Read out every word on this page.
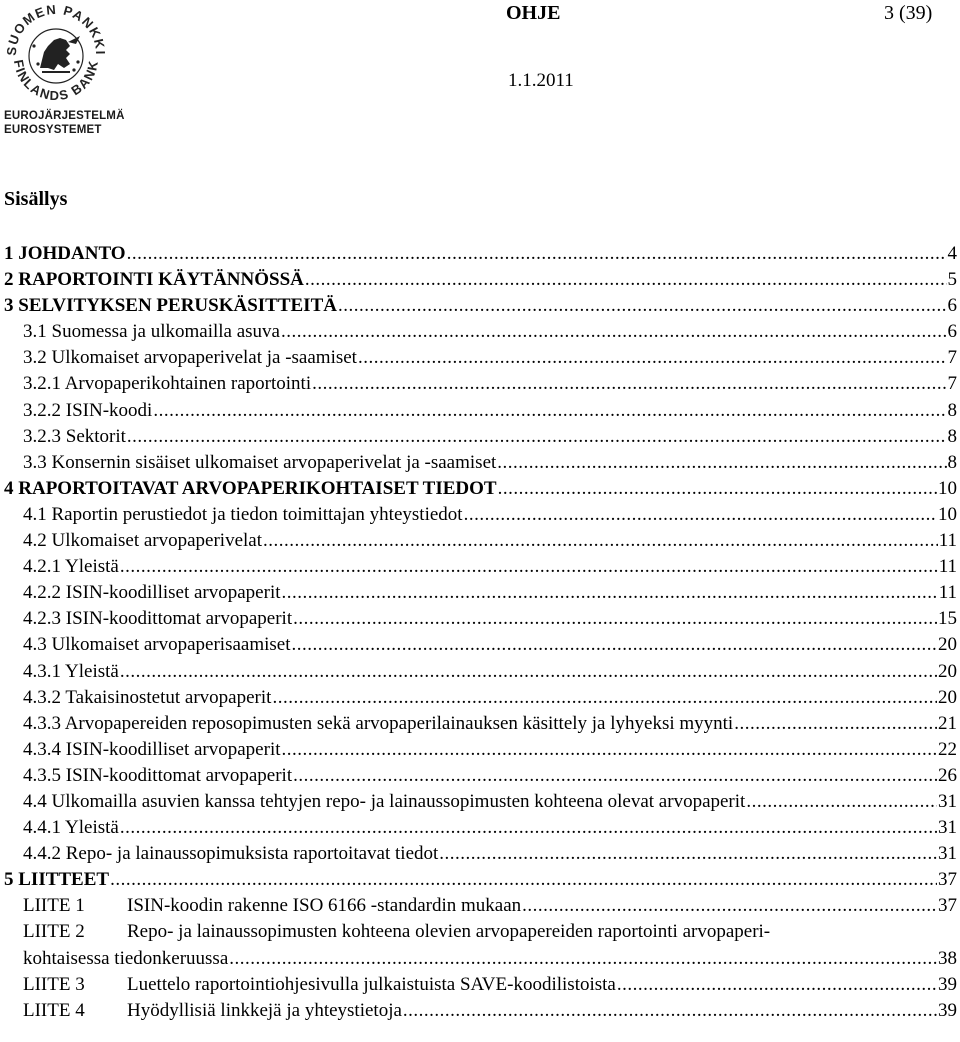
SUOMEN PANKKI
FINLANDS BANK
EUROJÄRJESTELMÄ
EUROSYSTEMET
OHJE	3 (39)
1.1.2011
Sisällys
1 JOHDANTO .....	4
2 RAPORTOINTI KÄYTÄNNÖSSÄ .....	5
3 SELVITYKSEN PERUSKÄSITTEITÄ .....	6
3.1 Suomessa ja ulkomailla asuva .....	6
3.2 Ulkomaiset arvopaperivelat ja -saamiset .....	7
3.2.1 Arvopaperikohtainen raportointi .....	7
3.2.2 ISIN-koodi .....	8
3.2.3 Sektorit .....	8
3.3 Konsernin sisäiset ulkomaiset arvopaperivelat ja -saamiset .....	8
4 RAPORTOITAVAT ARVOPAPERIKOHTAISET TIEDOT .....	10
4.1 Raportin perustiedot ja tiedon toimittajan yhteystiedot .....	10
4.2 Ulkomaiset arvopaperivelat .....	11
4.2.1 Yleistä .....	11
4.2.2 ISIN-koodilliset arvopaperit .....	11
4.2.3 ISIN-koodittomat arvopaperit .....	15
4.3 Ulkomaiset arvopaperisaamiset .....	20
4.3.1 Yleistä .....	20
4.3.2 Takaisinostetut arvopaperit .....	20
4.3.3 Arvopapereiden reposopimusten sekä arvopaperilainauksen käsittely ja lyhyeksi myynti .....	21
4.3.4 ISIN-koodilliset arvopaperit .....	22
4.3.5 ISIN-koodittomat arvopaperit .....	26
4.4 Ulkomailla asuvien kanssa tehtyjen repo- ja lainaussopimusten kohteena olevat arvopaperit .....	31
4.4.1 Yleistä .....	31
4.4.2 Repo- ja lainaussopimuksista raportoitavat tiedot .....	31
5 LIITTEET .....	37
LIITE 1 ISIN-koodin rakenne ISO 6166 -standardin mukaan .....	37
LIITE 2 Repo- ja lainaussopimusten kohteena olevien arvopapereiden raportointi arvopaperi-
kohtaisessa tiedonkeruussa .....	38
LIITE 3 Luettelo raportointiohjesivulla julkaistuista SAVE-koodilistoista .....	39
LIITE 4 Hyödyllisiä linkkejä ja yhteystietoja .....	39
